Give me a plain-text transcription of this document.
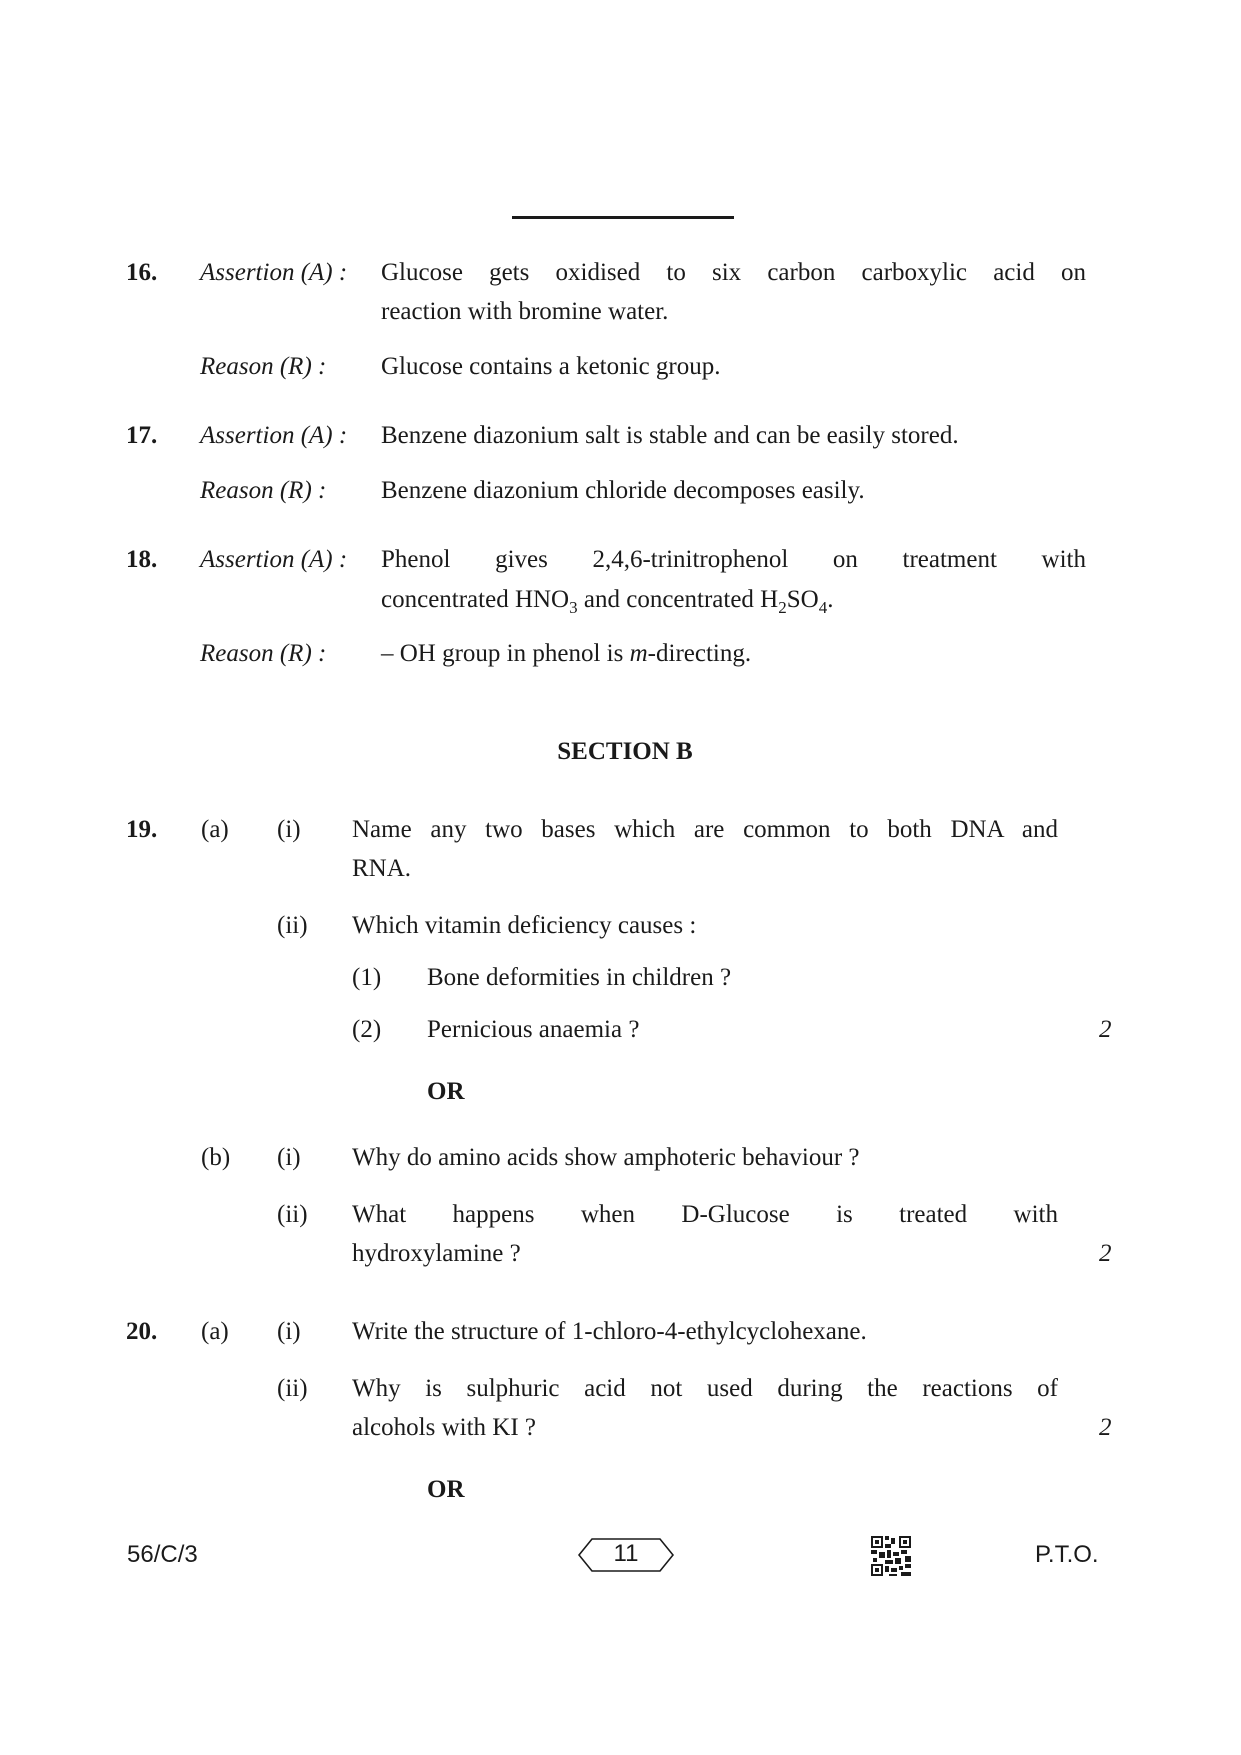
16. Assertion (A) : Glucose gets oxidised to six carbon carboxylic acid on
reaction with bromine water.
Reason (R) : Glucose contains a ketonic group.
17. Assertion (A) : Benzene diazonium salt is stable and can be easily stored.
Reason (R) : Benzene diazonium chloride decomposes easily.
18. Assertion (A) : Phenol gives 2,4,6-trinitrophenol on treatment with
concentrated $HNO_3$ and concentrated $H_2SO_4$.
Reason (R) : – OH group in phenol is m-directing.
SECTION B
19. (a) (i) Name any two bases which are common to both DNA and
RNA.
(ii) Which vitamin deficiency causes :
(1) Bone deformities in children ?
(2) Pernicious anaemia ?	2
OR
(b) (i) Why do amino acids show amphoteric behaviour ?
(ii) What happens when D-Glucose is treated with
hydroxylamine ?	2
20. (a) (i) Write the structure of 1-chloro-4-ethylcyclohexane.
(ii) Why is sulphuric acid not used during the reactions of
alcohols with KI ?	2
OR
56/C/3	11	P.T.O.
